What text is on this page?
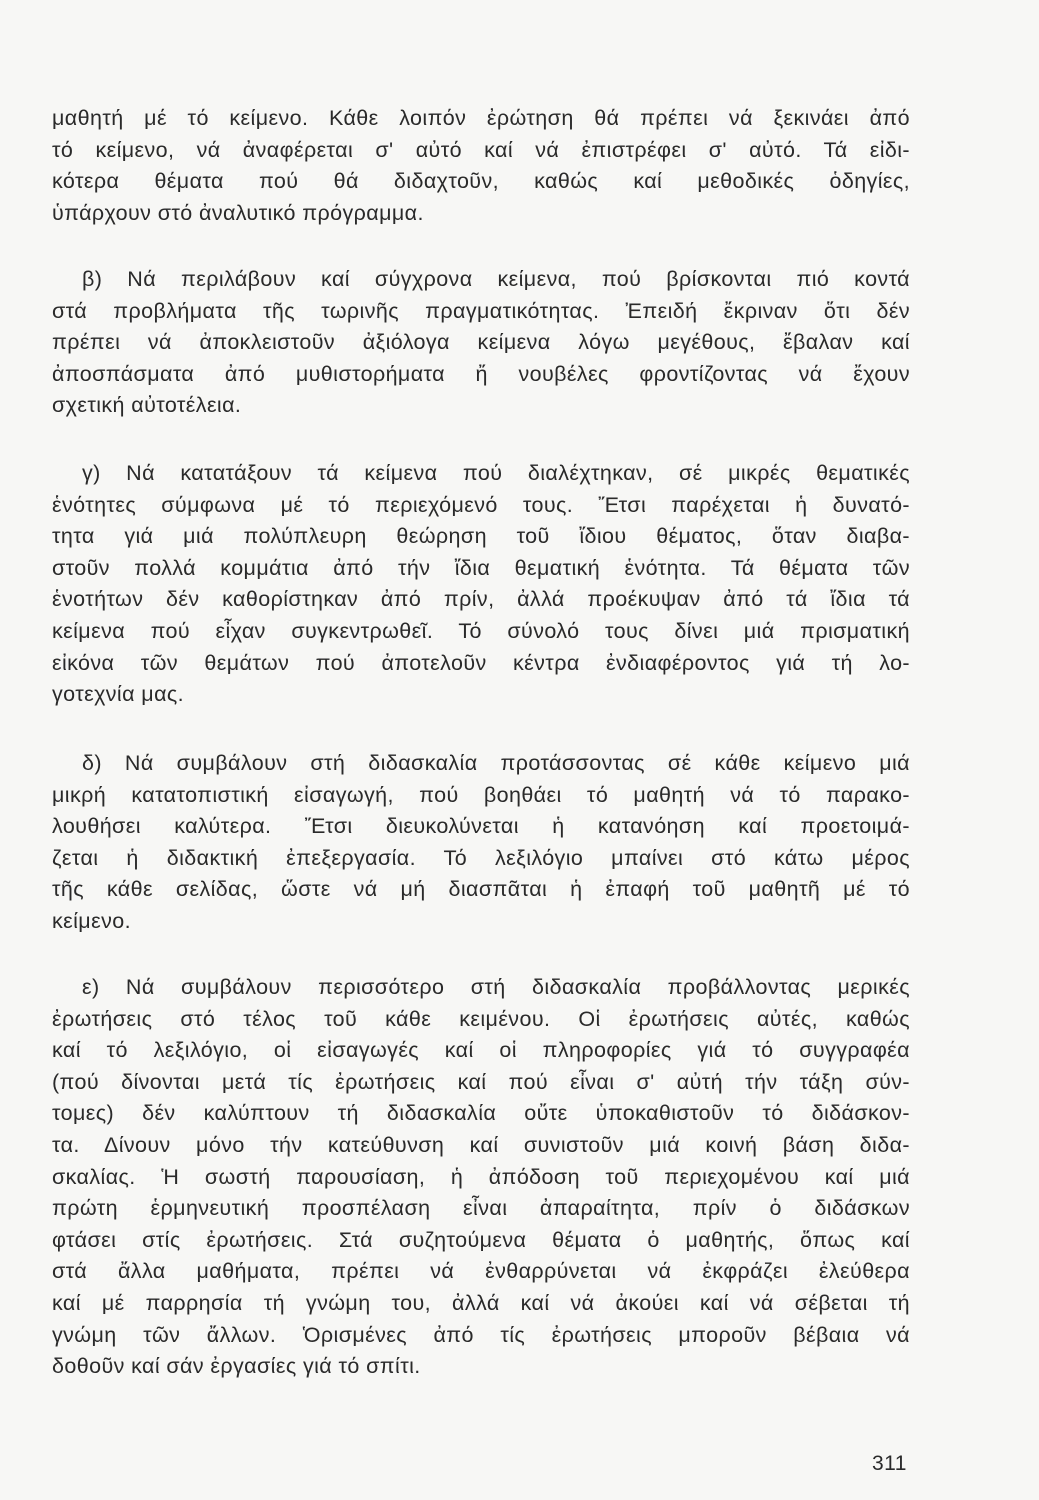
μαθητή μέ τό κείμενο. Κάθε λοιπόν ἐρώτηση θά πρέπει νά ξεκινάει ἀπό
τό κείμενο, νά ἀναφέρεται σ' αὐτό καί νά ἐπιστρέφει σ' αὐτό. Τά εἰδι-
κότερα θέματα πού θά διδαχτοῦν, καθώς καί μεθοδικές ὁδηγίες,
ὑπάρχουν στό ἀναλυτικό πρόγραμμα.
β) Νά περιλάβουν καί σύγχρονα κείμενα, πού βρίσκονται πιό κοντά
στά προβλήματα τῆς τωρινῆς πραγματικότητας. Ἐπειδή ἔκριναν ὅτι δέν
πρέπει νά ἀποκλειστοῦν ἀξιόλογα κείμενα λόγω μεγέθους, ἔβαλαν καί
ἀποσπάσματα ἀπό μυθιστορήματα ἤ νουβέλες φροντίζοντας νά ἔχουν
σχετική αὐτοτέλεια.
γ) Νά κατατάξουν τά κείμενα πού διαλέχτηκαν, σέ μικρές θεματικές
ἑνότητες σύμφωνα μέ τό περιεχόμενό τους. Ἔτσι παρέχεται ἡ δυνατό-
τητα γιά μιά πολύπλευρη θεώρηση τοῦ ἴδιου θέματος, ὅταν διαβα-
στοῦν πολλά κομμάτια ἀπό τήν ἴδια θεματική ἑνότητα. Τά θέματα τῶν
ἑνοτήτων δέν καθορίστηκαν ἀπό πρίν, ἀλλά προέκυψαν ἀπό τά ἴδια τά
κείμενα πού εἶχαν συγκεντρωθεῖ. Τό σύνολό τους δίνει μιά πρισματική
εἰκόνα τῶν θεμάτων πού ἀποτελοῦν κέντρα ἐνδιαφέροντος γιά τή λο-
γοτεχνία μας.
δ) Νά συμβάλουν στή διδασκαλία προτάσσοντας σέ κάθε κείμενο μιά
μικρή κατατοπιστική εἰσαγωγή, πού βοηθάει τό μαθητή νά τό παρακο-
λουθήσει καλύτερα. Ἔτσι διευκολύνεται ἡ κατανόηση καί προετοιμά-
ζεται ἡ διδακτική ἐπεξεργασία. Τό λεξιλόγιο μπαίνει στό κάτω μέρος
τῆς κάθε σελίδας, ὥστε νά μή διασπᾶται ἡ ἐπαφή τοῦ μαθητῆ μέ τό
κείμενο.
ε) Νά συμβάλουν περισσότερο στή διδασκαλία προβάλλοντας μερικές
ἐρωτήσεις στό τέλος τοῦ κάθε κειμένου. Οἱ ἐρωτήσεις αὐτές, καθώς
καί τό λεξιλόγιο, οἱ εἰσαγωγές καί οἱ πληροφορίες γιά τό συγγραφέα
(πού δίνονται μετά τίς ἐρωτήσεις καί πού εἶναι σ' αὐτή τήν τάξη σύν-
τομες) δέν καλύπτουν τή διδασκαλία οὔτε ὑποκαθιστοῦν τό διδάσκον-
τα. Δίνουν μόνο τήν κατεύθυνση καί συνιστοῦν μιά κοινή βάση διδα-
σκαλίας. Ἡ σωστή παρουσίαση, ἡ ἀπόδοση τοῦ περιεχομένου καί μιά
πρώτη ἑρμηνευτική προσπέλαση εἶναι ἀπαραίτητα, πρίν ὁ διδάσκων
φτάσει στίς ἐρωτήσεις. Στά συζητούμενα θέματα ὁ μαθητής, ὅπως καί
στά ἄλλα μαθήματα, πρέπει νά ἐνθαρρύνεται νά ἐκφράζει ἐλεύθερα
καί μέ παρρησία τή γνώμη του, ἀλλά καί νά ἀκούει καί νά σέβεται τή
γνώμη τῶν ἄλλων. Ὁρισμένες ἀπό τίς ἐρωτήσεις μποροῦν βέβαια νά
δοθοῦν καί σάν ἐργασίες γιά τό σπίτι.
311
